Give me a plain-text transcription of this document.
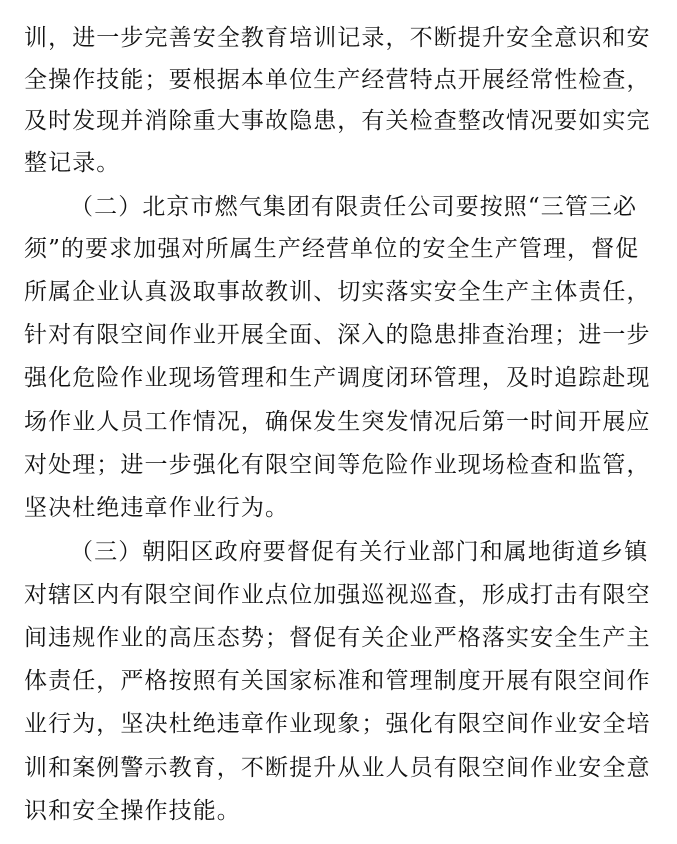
训，进一步完善安全教育培训记录，不断提升安全意识和安
全操作技能；要根据本单位生产经营特点开展经常性检查，
及时发现并消除重大事故隐患，有关检查整改情况要如实完
整记录。
（二）北京市燃气集团有限责任公司要按照“三管三必
须”的要求加强对所属生产经营单位的安全生产管理，督促
所属企业认真汲取事故教训、切实落实安全生产主体责任，
针对有限空间作业开展全面、深入的隐患排查治理；进一步
强化危险作业现场管理和生产调度闭环管理，及时追踪赴现
场作业人员工作情况，确保发生突发情况后第一时间开展应
对处理；进一步强化有限空间等危险作业现场检查和监管，
坚决杜绝违章作业行为。
（三）朝阳区政府要督促有关行业部门和属地街道乡镇
对辖区内有限空间作业点位加强巡视巡查，形成打击有限空
间违规作业的高压态势；督促有关企业严格落实安全生产主
体责任，严格按照有关国家标准和管理制度开展有限空间作
业行为，坚决杜绝违章作业现象；强化有限空间作业安全培
训和案例警示教育，不断提升从业人员有限空间作业安全意
识和安全操作技能。
